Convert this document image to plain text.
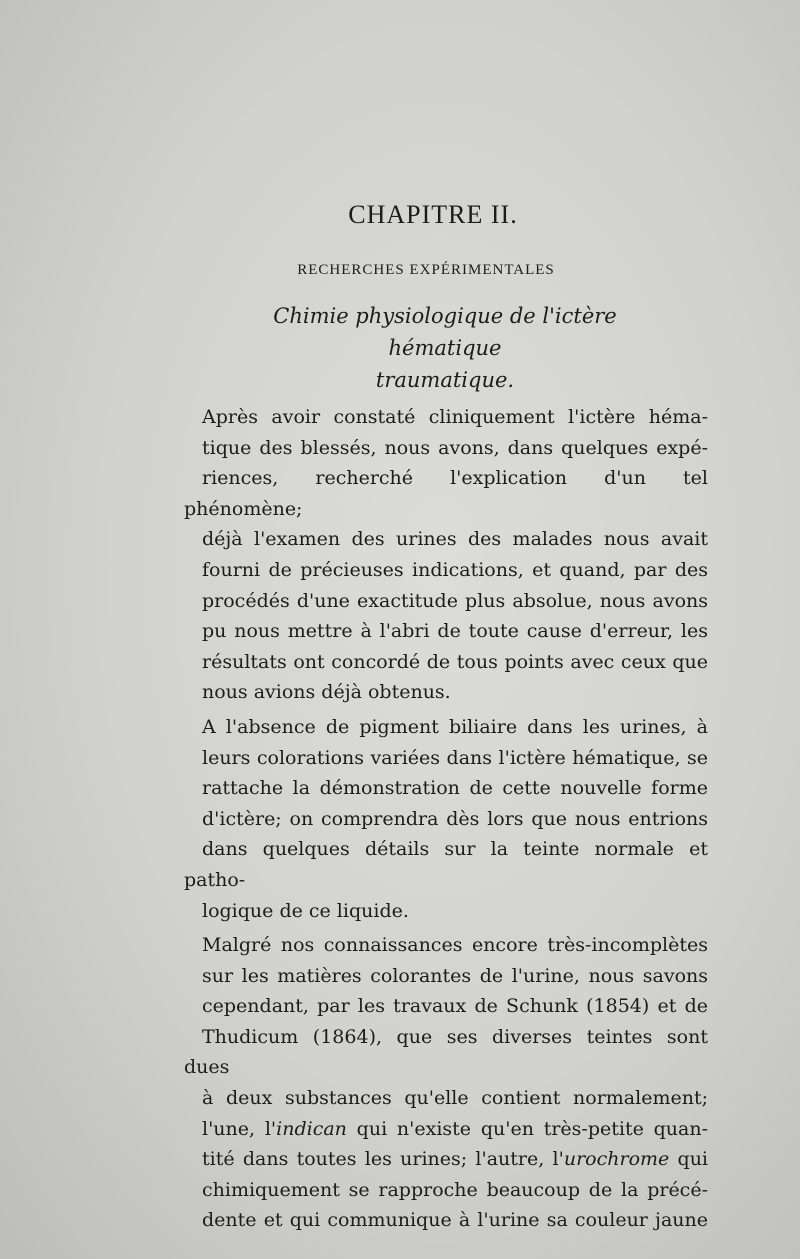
CHAPITRE II.
RECHERCHES EXPÉRIMENTALES
Chimie physiologique de l'ictère hématique
traumatique.

Après avoir constaté cliniquement l'ictère héma-
tique des blessés, nous avons, dans quelques expé-
riences, recherché l'explication d'un tel phénomène;
déjà l'examen des urines des malades nous avait
fourni de précieuses indications, et quand, par des
procédés d'une exactitude plus absolue, nous avons
pu nous mettre à l'abri de toute cause d'erreur, les
résultats ont concordé de tous points avec ceux que
nous avions déjà obtenus.

A l'absence de pigment biliaire dans les urines, à
leurs colorations variées dans l'ictère hématique, se
rattache la démonstration de cette nouvelle forme
d'ictère; on comprendra dès lors que nous entrions
dans quelques détails sur la teinte normale et patho-
logique de ce liquide.

Malgré nos connaissances encore très-incomplètes
sur les matières colorantes de l'urine, nous savons
cependant, par les travaux de Schunk (1854) et de
Thudicum (1864), que ses diverses teintes sont dues
à deux substances qu'elle contient normalement;
l'une, l'indican qui n'existe qu'en très-petite quan-
tité dans toutes les urines; l'autre, l'urochrome qui
chimiquement se rapproche beaucoup de la précé-
dente et qui communique à l'urine sa couleur jaune
